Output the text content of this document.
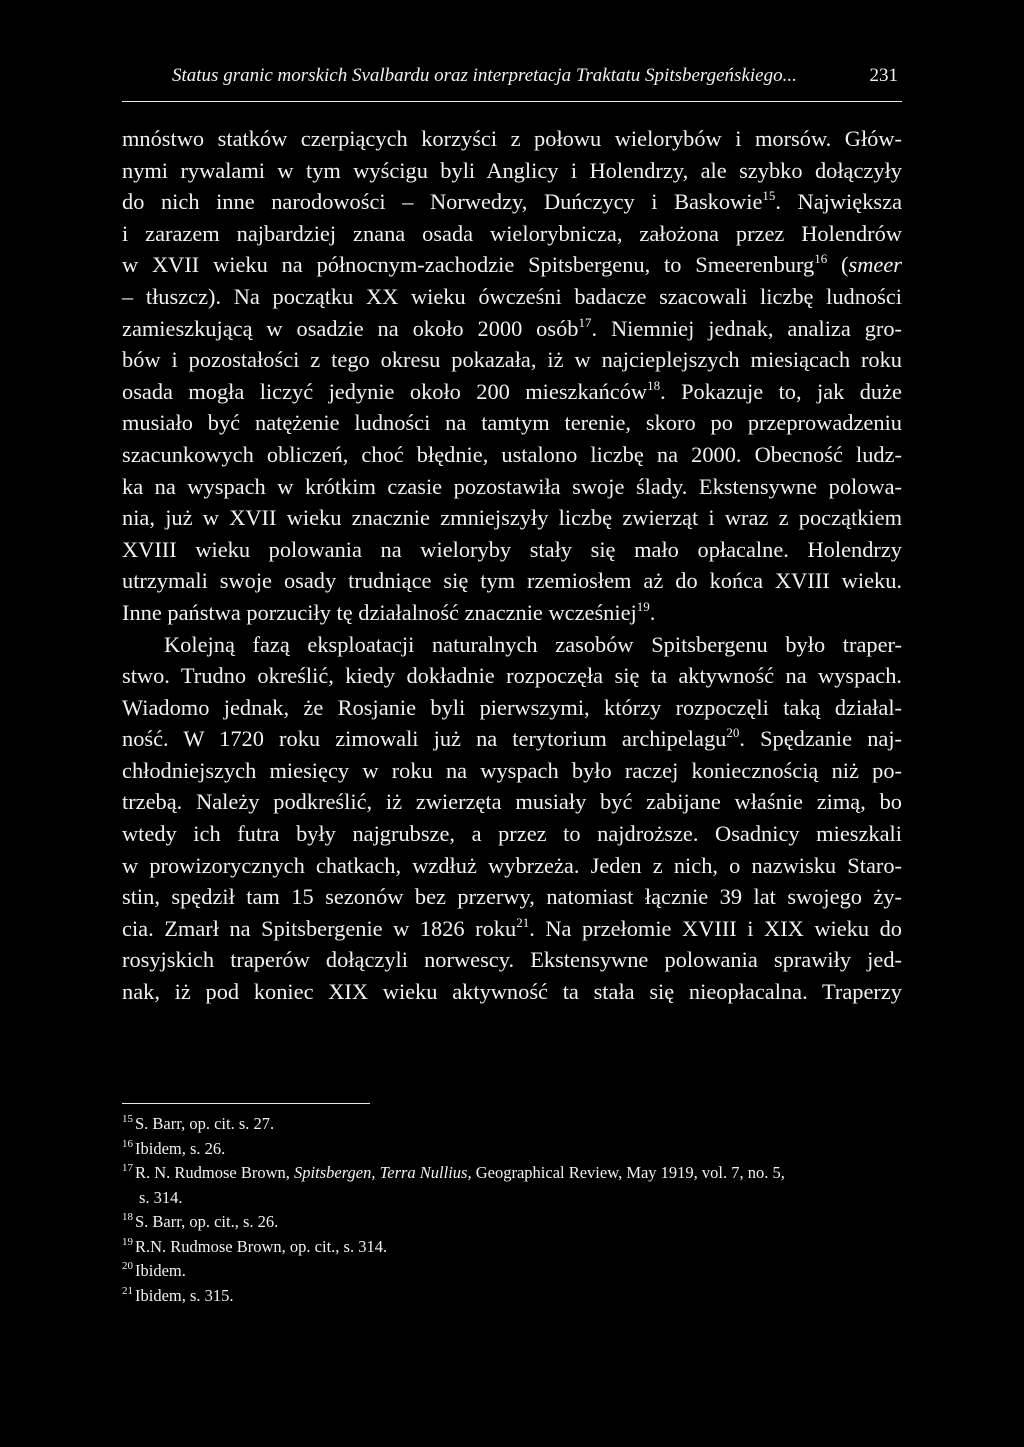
Status granic morskich Svalbardu oraz interpretacja Traktatu Spitsbergeńskiego...	231
mnóstwo statków czerpiących korzyści z połowu wielorybów i morsów. Głów-
nymi rywalami w tym wyścigu byli Anglicy i Holendrzy, ale szybko dołączyły
do nich inne narodowości – Norwedzy, Duńczycy i Baskowie$^{15}$. Największa
i zarazem najbardziej znana osada wielorybnicza, założona przez Holendrów
w XVII wieku na północnym-zachodzie Spitsbergenu, to Smeerenburg$^{16}$ (smeer
– tłuszcz). Na początku XX wieku ówcześni badacze szacowali liczbę ludności
zamieszkującą w osadzie na około 2000 osób$^{17}$. Niemniej jednak, analiza gro-
bów i pozostałości z tego okresu pokazała, iż w najcieplejszych miesiącach roku
osada mogła liczyć jedynie około 200 mieszkańców$^{18}$. Pokazuje to, jak duże
musiało być natężenie ludności na tamtym terenie, skoro po przeprowadzeniu
szacunkowych obliczeń, choć błędnie, ustalono liczbę na 2000. Obecność ludz-
ka na wyspach w krótkim czasie pozostawiła swoje ślady. Ekstensywne polowa-
nia, już w XVII wieku znacznie zmniejszyły liczbę zwierząt i wraz z początkiem
XVIII wieku polowania na wieloryby stały się mało opłacalne. Holendrzy
utrzymali swoje osady trudniące się tym rzemiosłem aż do końca XVIII wieku.
Inne państwa porzuciły tę działalność znacznie wcześniej$^{19}$.
Kolejną fazą eksploatacji naturalnych zasobów Spitsbergenu było traper-
stwo. Trudno określić, kiedy dokładnie rozpoczęła się ta aktywność na wyspach.
Wiadomo jednak, że Rosjanie byli pierwszymi, którzy rozpoczęli taką działal-
ność. W 1720 roku zimowali już na terytorium archipelagu$^{20}$. Spędzanie naj-
chłodniejszych miesięcy w roku na wyspach było raczej koniecznością niż po-
trzebą. Należy podkreślić, iż zwierzęta musiały być zabijane właśnie zimą, bo
wtedy ich futra były najgrubsze, a przez to najdroższe. Osadnicy mieszkali
w prowizorycznych chatkach, wzdłuż wybrzeża. Jeden z nich, o nazwisku Staro-
stin, spędził tam 15 sezonów bez przerwy, natomiast łącznie 39 lat swojego ży-
cia. Zmarł na Spitsbergenie w 1826 roku$^{21}$. Na przełomie XVIII i XIX wieku do
rosyjskich traperów dołączyli norwescy. Ekstensywne polowania sprawiły jed-
nak, iż pod koniec XIX wieku aktywność ta stała się nieopłacalna. Traperzy
$^{15}$ S. Barr, op. cit. s. 27.
$^{16}$ Ibidem, s. 26.
$^{17}$ R. N. Rudmose Brown, Spitsbergen, Terra Nullius, Geographical Review, May 1919, vol. 7, no. 5,
s. 314.
$^{18}$ S. Barr, op. cit., s. 26.
$^{19}$ R.N. Rudmose Brown, op. cit., s. 314.
$^{20}$ Ibidem.
$^{21}$ Ibidem, s. 315.
